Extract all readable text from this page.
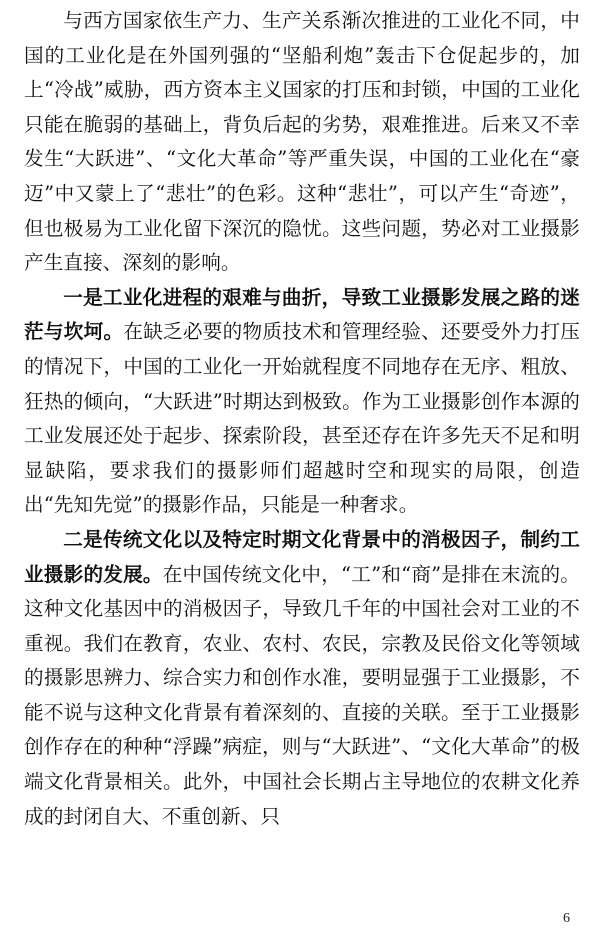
与西方国家依生产力、生产关系渐次推进的工业化不同，中国的工业化是在外国列强的“坚船利炮”轰击下仓促起步的，加上“冷战”威胁，西方资本主义国家的打压和封锁，中国的工业化只能在脆弱的基础上，背负后起的劣势，艰难推进。后来又不幸发生“大跃进”、“文化大革命”等严重失误，中国的工业化在“豪迈”中又蒙上了“悲壮”的色彩。这种“悲壮”，可以产生“奇迹”，但也极易为工业化留下深沉的隐忧。这些问题，势必对工业摄影产生直接、深刻的影响。

一是工业化进程的艰难与曲折，导致工业摄影发展之路的迷茫与坎坷。在缺乏必要的物质技术和管理经验、还要受外力打压的情况下，中国的工业化一开始就程度不同地存在无序、粗放、狂热的倾向，“大跃进”时期达到极致。作为工业摄影创作本源的工业发展还处于起步、探索阶段，甚至还存在许多先天不足和明显缺陷，要求我们的摄影师们超越时空和现实的局限，创造出“先知先觉”的摄影作品，只能是一种奢求。

二是传统文化以及特定时期文化背景中的消极因子，制约工业摄影的发展。在中国传统文化中，“工”和“商”是排在末流的。这种文化基因中的消极因子，导致几千年的中国社会对工业的不重视。我们在教育，农业、农村、农民，宗教及民俗文化等领域的摄影思辨力、综合实力和创作水准，要明显强于工业摄影，不能不说与这种文化背景有着深刻的、直接的关联。至于工业摄影创作存在的种种“浮躁”病症，则与“大跃进”、“文化大革命”的极端文化背景相关。此外，中国社会长期占主导地位的农耕文化养成的封闭自大、不重创新、只

6
